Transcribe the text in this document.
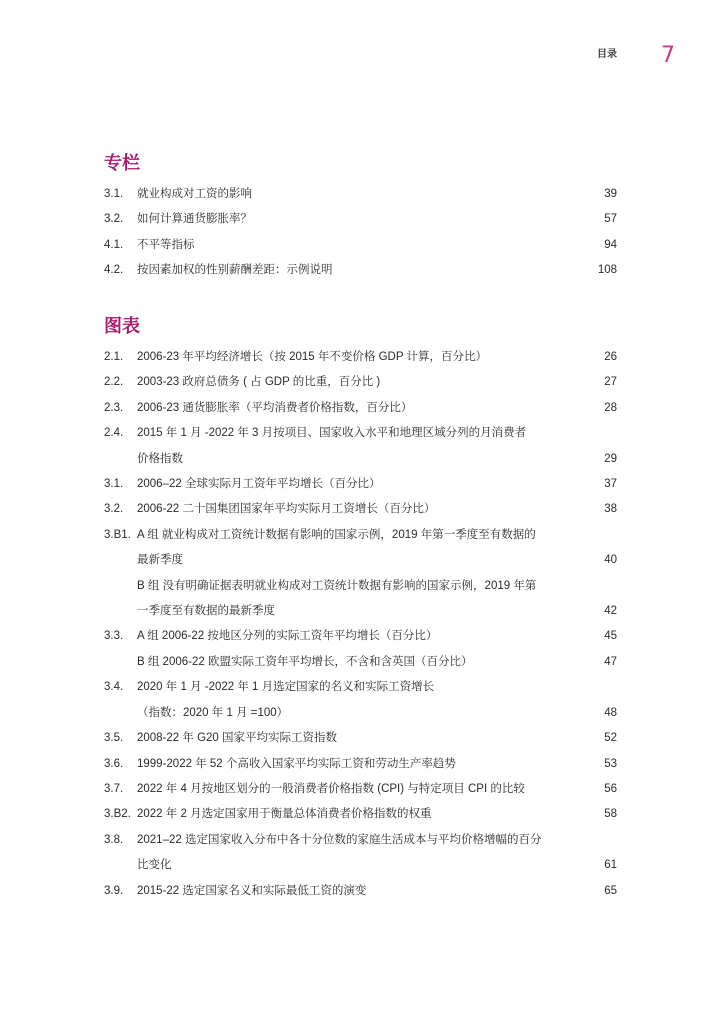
目录 7
专栏
3.1.	就业构成对工资的影响	39
3.2.	如何计算通货膨胀率？	57
4.1.	不平等指标	94
4.2.	按因素加权的性别薪酬差距：示例说明	108
图表
2.1.	2006-23 年平均经济增长（按 2015 年不变价格 GDP 计算，百分比）	26
2.2.	2003-23 政府总债务 ( 占 GDP 的比重，百分比 )	27
2.3.	2006-23 通货膨胀率（平均消费者价格指数，百分比）	28
2.4.	2015 年 1 月 -2022 年 3 月按项目、国家收入水平和地理区域分列的月消费者
价格指数	29
3.1.	2006–22 全球实际月工资年平均增长（百分比）	37
3.2.	2006-22 二十国集团国家年平均实际月工资增长（百分比）	38
3.B1. A 组 就业构成对工资统计数据有影响的国家示例，2019 年第一季度至有数据的
最新季度	40
B 组 没有明确证据表明就业构成对工资统计数据有影响的国家示例，2019 年第
一季度至有数据的最新季度	42
3.3.	A 组 2006-22 按地区分列的实际工资年平均增长（百分比）	45
B 组 2006-22 欧盟实际工资年平均增长，不含和含英国（百分比）	47
3.4.	2020 年 1 月 -2022 年 1 月选定国家的名义和实际工资增长
（指数：2020 年 1 月 =100）	48
3.5.	2008-22 年 G20 国家平均实际工资指数	52
3.6.	1999-2022 年 52 个高收入国家平均实际工资和劳动生产率趋势	53
3.7.	2022 年 4 月按地区划分的一般消费者价格指数 (CPI) 与特定项目 CPI 的比较	56
3.B2. 2022 年 2 月选定国家用于衡量总体消费者价格指数的权重	58
3.8.	2021–22 选定国家收入分布中各十分位数的家庭生活成本与平均价格增幅的百分
比变化	61
3.9.	2015-22 选定国家名义和实际最低工资的演变	65
